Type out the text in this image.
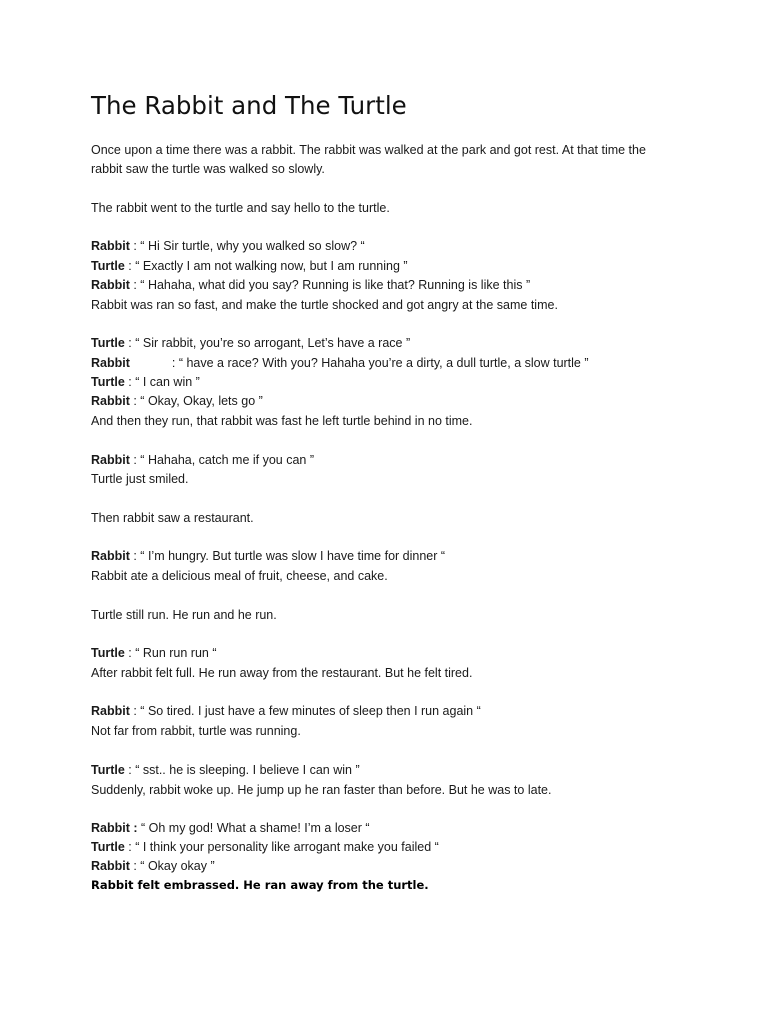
The Rabbit and The Turtle
Once upon a time there was a rabbit. The rabbit was walked at the park and got rest. At that time the
rabbit saw the turtle was walked so slowly.
The rabbit went to the turtle and say hello to the turtle.
Rabbit : “ Hi Sir turtle, why you walked so slow? “
Turtle : “ Exactly I am not walking now, but I am running ”
Rabbit : “ Hahaha, what did you say? Running is like that? Running is like this ”
Rabbit was ran so fast, and make the turtle shocked and got angry at the same time.
Turtle : “ Sir rabbit, you’re so arrogant, Let’s have a race ”
Rabbit	: “ have a race? With you? Hahaha you’re a dirty, a dull turtle, a slow turtle ”
Turtle : “ I can win ”
Rabbit : “ Okay, Okay, lets go ”
And then they run, that rabbit was fast he left turtle behind in no time.
Rabbit : “ Hahaha, catch me if you can ”
Turtle just smiled.
Then rabbit saw a restaurant.
Rabbit : “ I’m hungry. But turtle was slow I have time for dinner “
Rabbit ate a delicious meal of fruit, cheese, and cake.
Turtle still run. He run and he run.
Turtle : “ Run run run “
After rabbit felt full. He run away from the restaurant. But he felt tired.
Rabbit : “ So tired. I just have a few minutes of sleep then I run again “
Not far from rabbit, turtle was running.
Turtle : “ sst.. he is sleeping. I believe I can win ”
Suddenly, rabbit woke up. He jump up he ran faster than before. But he was to late.
Rabbit : “ Oh my god! What a shame! I’m a loser “
Turtle : “ I think your personality like arrogant make you failed “
Rabbit : “ Okay okay ”
Rabbit felt embrassed. He ran away from the turtle.
